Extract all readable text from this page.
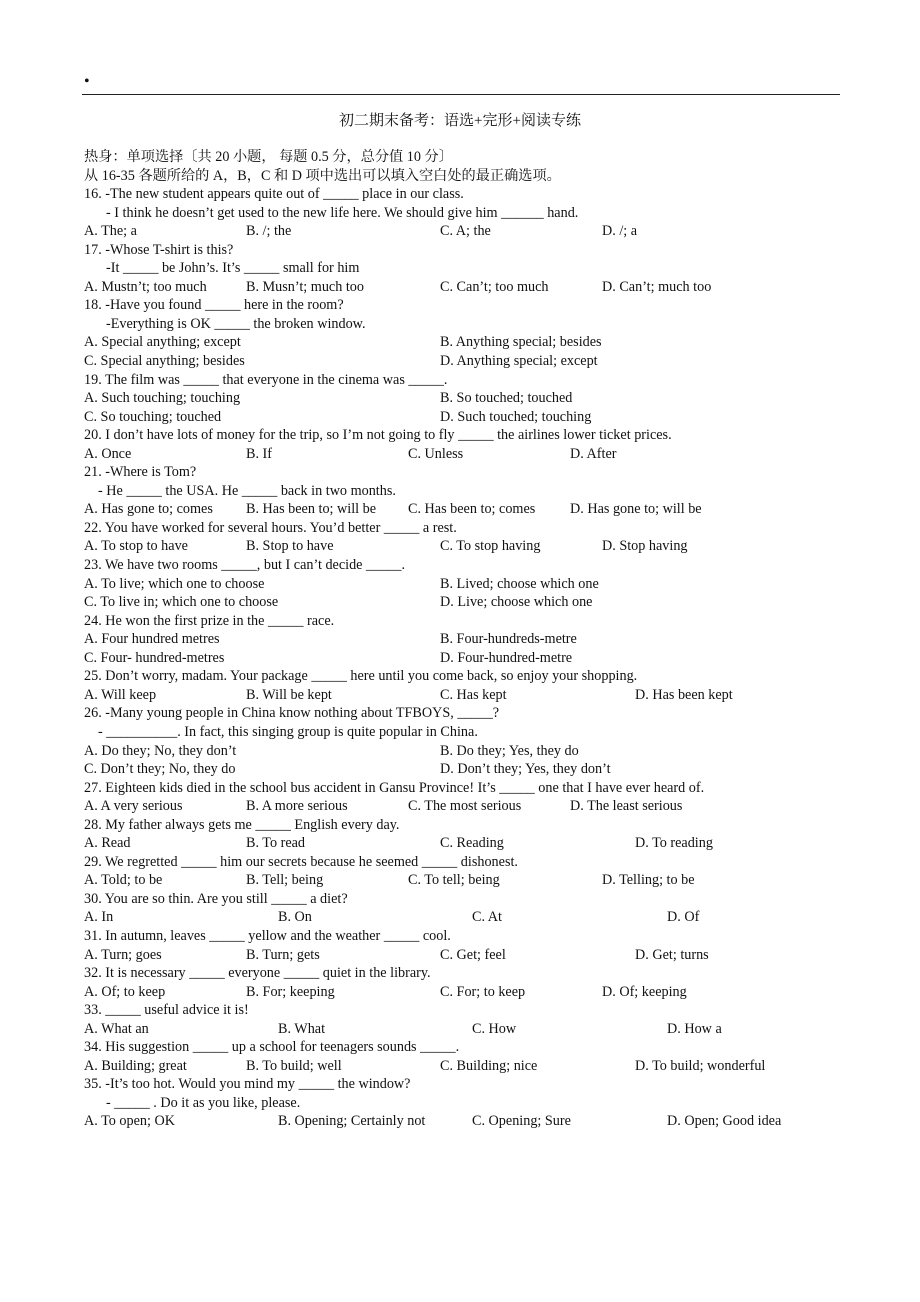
•
初二期末备考：语选+完形+阅读专练
热身：单项选择〔共 20 小题， 每题 0.5 分，总分值 10 分〕
从 16-35 各题所给的 A，B，C 和 D 项中选出可以填入空白处的最正确选项。
16. -The new student appears quite out of _____ place in our class.
- I think he doesn’t get used to the new life here. We should give him ______ hand.
A. The; a	B. /; the	C. A; the	D. /; a
17. -Whose T-shirt is this?
-It _____ be John’s. It’s _____ small for him
A. Mustn’t; too much	B. Musn’t; much too	C. Can’t; too much	D. Can’t; much too
18. -Have you found _____ here in the room?
-Everything is OK _____ the broken window.
A. Special anything; except	B. Anything special; besides
C. Special anything; besides	D. Anything special; except
19. The film was _____ that everyone in the cinema was _____.
A. Such touching; touching	B. So touched; touched
C. So touching; touched	D. Such touched; touching
20. I don’t have lots of money for the trip, so I’m not going to fly _____ the airlines lower ticket prices.
A. Once	B. If	C. Unless	D. After
21. -Where is Tom?
- He _____ the USA. He _____ back in two months.
A. Has gone to; comes B. Has been to; will be C. Has been to; comes D. Has gone to; will be
22. You have worked for several hours. You’d better _____ a rest.
A. To stop to have	B. Stop to have	C. To stop having	D. Stop having
23. We have two rooms _____, but I can’t decide _____.
A. To live; which one to choose	B. Lived; choose which one
C. To live in; which one to choose	D. Live; choose which one
24. He won the first prize in the _____ race.
A. Four hundred metres	B. Four-hundreds-metre
C. Four- hundred-metres	D. Four-hundred-metre
25. Don’t worry, madam. Your package _____ here until you come back, so enjoy your shopping.
A. Will keep	B. Will be kept	C. Has kept	D. Has been kept
26. -Many young people in China know nothing about TFBOYS, _____?
- __________. In fact, this singing group is quite popular in China.
A. Do they; No, they don’t	B. Do they; Yes, they do
C. Don’t they; No, they do	D. Don’t they; Yes, they don’t
27. Eighteen kids died in the school bus accident in Gansu Province! It’s _____ one that I have ever heard of.
A. A very serious	B. A more serious	C. The most serious	D. The least serious
28. My father always gets me _____ English every day.
A. Read	B. To read	C. Reading	D. To reading
29. We regretted _____ him our secrets because he seemed _____ dishonest.
A. Told; to be	B. Tell; being	C. To tell; being	D. Telling; to be
30. You are so thin. Are you still _____ a diet?
A. In	B. On	C. At	D. Of
31. In autumn, leaves _____ yellow and the weather _____ cool.
A. Turn; goes	B. Turn; gets	C. Get; feel	D. Get; turns
32. It is necessary _____ everyone _____ quiet in the library.
A. Of; to keep	B. For; keeping	C. For; to keep	D. Of; keeping
33. _____ useful advice it is!
A. What an	B. What	C. How	D. How a
34. His suggestion _____ up a school for teenagers sounds _____.
A. Building; great	B. To build; well	C. Building; nice	D. To build; wonderful
35. -It’s too hot. Would you mind my _____ the window?
- _____ . Do it as you like, please.
A. To open; OK	B. Opening; Certainly not	C. Opening; Sure	D. Open; Good idea
